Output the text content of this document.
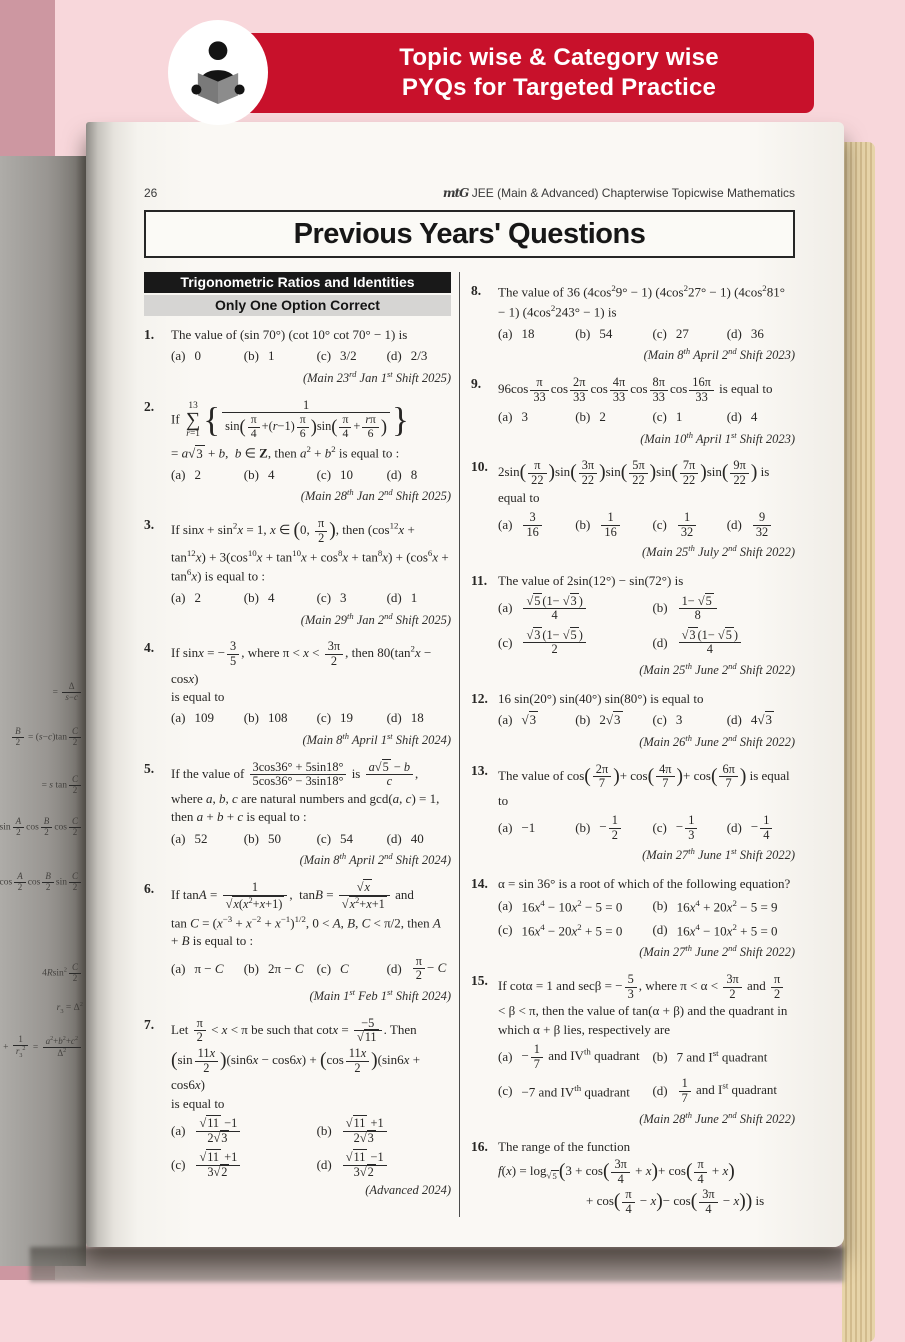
Topic wise & Category wise
PYQs for Targeted Practice
= $\frac{\Delta}{s-c}$
$\frac{B}{2} = (s-c)\tan \frac{C}{2}$
= s $\tan \frac{C}{2}$
$\sin \frac{A}{2}$ $\cos \frac{B}{2}$ $\cos \frac{C}{2}$
$\cos \frac{A}{2}$ $\cos \frac{B}{2}$ $\sin \frac{C}{2}$
$4Rsin^2 \frac{C}{2}$
$r_3 = \Delta^2$
+ $\frac{1}{r_3^2} = \frac{a^2+b^2+c^2}{\Delta^2}$
26	mtG JEE (Main & Advanced) Chapterwise Topicwise Mathematics
Previous Years' Questions
Trigonometric Ratios and Identities
Only One Option Correct
1.	The value of (sin 70°) (cot 10° cot 70° − 1) is
(a) 0	(b) 1	(c) 3/2 (d) 2/3
(Main 23rd Jan 1st Shift 2025)
2.
If
13
∑
r=1 { $\frac{1}{\sin( \frac{\pi}{4} +(r-1) \frac{\pi}{6} )\sin( \frac{\pi}{4} + \frac{r\pi}{6} )}$ }
= a√3 + b,  b ∈ Z, then $a^2 + b^2$ is equal to :
(a) 2	(b) 4	(c) 10	(d) 8
(Main 28th Jan 2nd Shift 2025)
3.	If $\sin x + \sin^2x = 1$, x ∈ (0, $\frac{\pi}{2}$ ), then $(\cos^{12}x + \tan^{12}x) + 3(\cos^{10}x + \tan^{10}x + \cos^8x + \tan^8x) + (\cos^6x + \tan^6x)$ is equal to :
(a) 2	(b) 4	(c) 3	(d) 1
(Main 29th Jan 2nd Shift 2025)
4.	If sinx = − $\frac{3}{5}$ , where $\pi < x < \frac{3\pi}{2}$ , then $80(\tan^2x - \cos x)$
is equal to
(a) 109 (b) 108 (c) 19	(d) 18
(Main 8th April 1st Shift 2024)
5.	If the value of $\frac{3\cos 36^\circ + 5\sin 18^\circ}{5\cos 36^\circ - 3\sin 18^\circ}$ is $\frac{a√5 - b}{c}$ , where a, b, c are natural numbers and gcd(a, c) = 1, then a + b + c is equal to :
(a) 52	(b) 50	(c) 54	(d) 40
(Main 8th April 2nd Shift 2024)
6.	If $\tan A = \frac{1}{√x(x^2+x+1)}$ ,  $\tan B = \frac{√x}{√x^2+x+1}$ and
$\tan C = (x^{-3} + x^{-2} + x^{-1})^{1/2}$, 0 < A, B, C < π/2, then A + B is equal to :
(a) π − C (b) 2π − C (c) C	$(d) \frac{\pi}{2} - C$
(Main 1st Feb 1st Shift 2024)
7.	Let $\frac{\pi}{2} < x < \pi$ be such that $\cot x = \frac{-5}{√11}$ . Then
$(\sin \frac{11x}{2} )(\sin 6x - \cos 6x) + (\cos \frac{11x}{2} )(\sin 6x + \cos 6x)$
is equal to
$(a) \frac{√11 -1}{2√3}$	$(b) \frac{√11 +1}{2√3}$
$(c) \frac{√11 +1}{3√2}$	$(d) \frac{√11 -1}{3√2}$
(Advanced 2024)
8.	The value of 36 $(4\cos^29^\circ - 1) (4\cos^227^\circ - 1) (4\cos^281^\circ - 1) (4\cos^2243^\circ - 1)$ is
(a) 18	(b) 54	(c) 27	(d) 36
(Main 8th April 2nd Shift 2023)
9.	$96\cos \frac{\pi}{33}$ $\cos \frac{2\pi}{33}$ $\cos \frac{4\pi}{33}$ $\cos \frac{8\pi}{33}$ $\cos \frac{16\pi}{33}$ is equal to
(a) 3	(b) 2	(c) 1	(d) 4
(Main 10th April 1st Shift 2023)
10. $2\sin( \frac{\pi}{22} )\sin( \frac{3\pi}{22} )\sin( \frac{5\pi}{22} )\sin( \frac{7\pi}{22} )\sin( \frac{9\pi}{22}$ ) is equal to
$(a) \frac{3}{16}$	$(b) \frac{1}{16}$	$(c) \frac{1}{32} (d) \frac{9}{32}$
(Main 25th July 2nd Shift 2022)
11. The value of 2sin(12°) − sin(72°) is
$(a) \frac{√5 (1- √3 )}{4}$	$(b) \frac{1- √5}{8}$
$(c) \frac{√3 (1- √5 )}{2}$	$(d) \frac{√3 (1- √5 )}{4}$
(Main 25th June 2nd Shift 2022)
12. 16 sin(20°) sin(40°) sin(80°) is equal to
(a) √3	(b) 2√3 (c) 3	(d) 4√3
(Main 26th June 2nd Shift 2022)
13. The value of $\cos( \frac{2\pi}{7}$ )+ $\cos( \frac{4\pi}{7}$ )+ $\cos( \frac{6\pi}{7}$ ) is equal to
(a) −1	$(b) - \frac{1}{2} (c) - \frac{1}{3} (d) - \frac{1}{4}$
(Main 27th June 1st Shift 2022)
14. α = sin 36° is a root of which of the following equation?
(a) $16x^4 - 10x^2 - 5 = 0$ (b) $16x^4 + 20x^2 - 5 = 9$
(c) $16x^4 - 20x^2 + 5 = 0$ (d) $16x^4 - 10x^2 + 5 = 0$
(Main 27th June 2nd Shift 2022)
15. If cotα = 1 and secβ = − $\frac{5}{3}$ , where $\pi < \alpha < \frac{3\pi}{2}$ and $\frac{\pi}{2}$
< β < π, then the value of tan(α + β) and the quadrant in which α + β lies, respectively are
$(a) - \frac{1}{7}$ and IVth quadrant (b) 7 and Ist quadrant
(c) −7 and IVth quadrant $(d) \frac{1}{7}$ and Ist quadrant
(Main 28th June 2nd Shift 2022)
16. The range of the function
$f(x) = \log_{√5} (3 + \cos( \frac{3\pi}{4} + x)+ \cos( \frac{\pi}{4} + x)$
+ $\cos( \frac{\pi}{4} - x)- \cos( \frac{3\pi}{4} - x)$) is
